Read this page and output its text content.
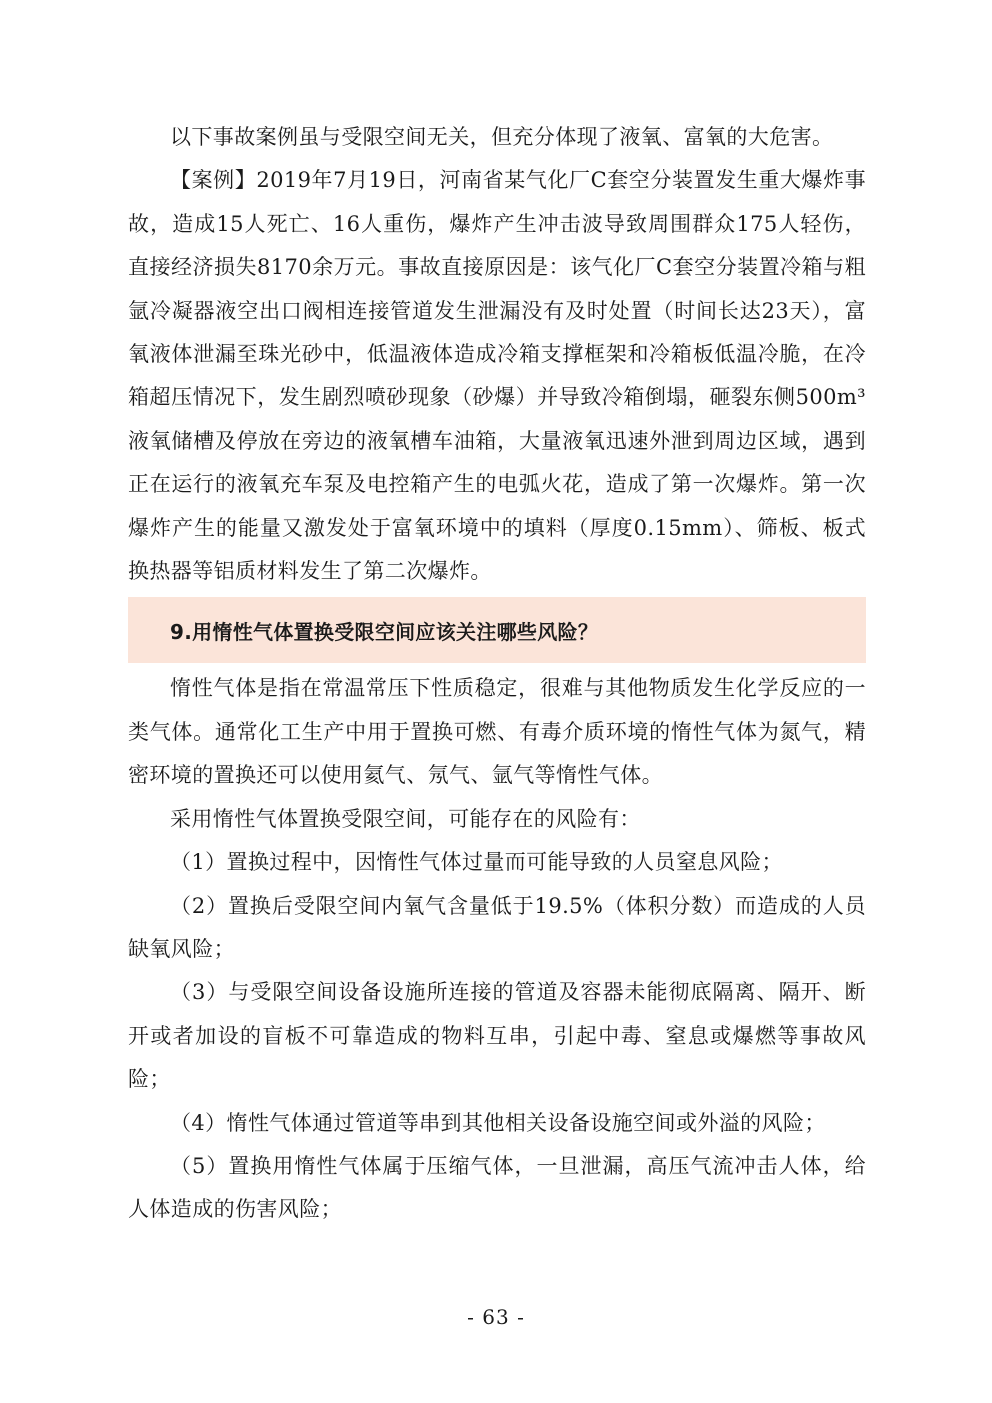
以下事故案例虽与受限空间无关，但充分体现了液氧、富氧的大危害。

【案例】2019年7月19日，河南省某气化厂C套空分装置发生重大爆炸事故，造成15人死亡、16人重伤，爆炸产生冲击波导致周围群众175人轻伤，直接经济损失8170余万元。事故直接原因是：该气化厂C套空分装置冷箱与粗氩冷凝器液空出口阀相连接管道发生泄漏没有及时处置（时间长达23天），富氧液体泄漏至珠光砂中，低温液体造成冷箱支撑框架和冷箱板低温冷脆，在冷箱超压情况下，发生剧烈喷砂现象（砂爆）并导致冷箱倒塌，砸裂东侧500m³液氧储槽及停放在旁边的液氧槽车油箱，大量液氧迅速外泄到周边区域，遇到正在运行的液氧充车泵及电控箱产生的电弧火花，造成了第一次爆炸。第一次爆炸产生的能量又激发处于富氧环境中的填料（厚度0.15mm）、筛板、板式换热器等铝质材料发生了第二次爆炸。

9.用惰性气体置换受限空间应该关注哪些风险？

惰性气体是指在常温常压下性质稳定，很难与其他物质发生化学反应的一类气体。通常化工生产中用于置换可燃、有毒介质环境的惰性气体为氮气，精密环境的置换还可以使用氦气、氖气、氩气等惰性气体。

采用惰性气体置换受限空间，可能存在的风险有：

（1）置换过程中，因惰性气体过量而可能导致的人员窒息风险；

（2）置换后受限空间内氧气含量低于19.5%（体积分数）而造成的人员缺氧风险；

（3）与受限空间设备设施所连接的管道及容器未能彻底隔离、隔开、断开或者加设的盲板不可靠造成的物料互串，引起中毒、窒息或爆燃等事故风险；

（4）惰性气体通过管道等串到其他相关设备设施空间或外溢的风险；

（5）置换用惰性气体属于压缩气体，一旦泄漏，高压气流冲击人体，给人体造成的伤害风险；

- 63 -
